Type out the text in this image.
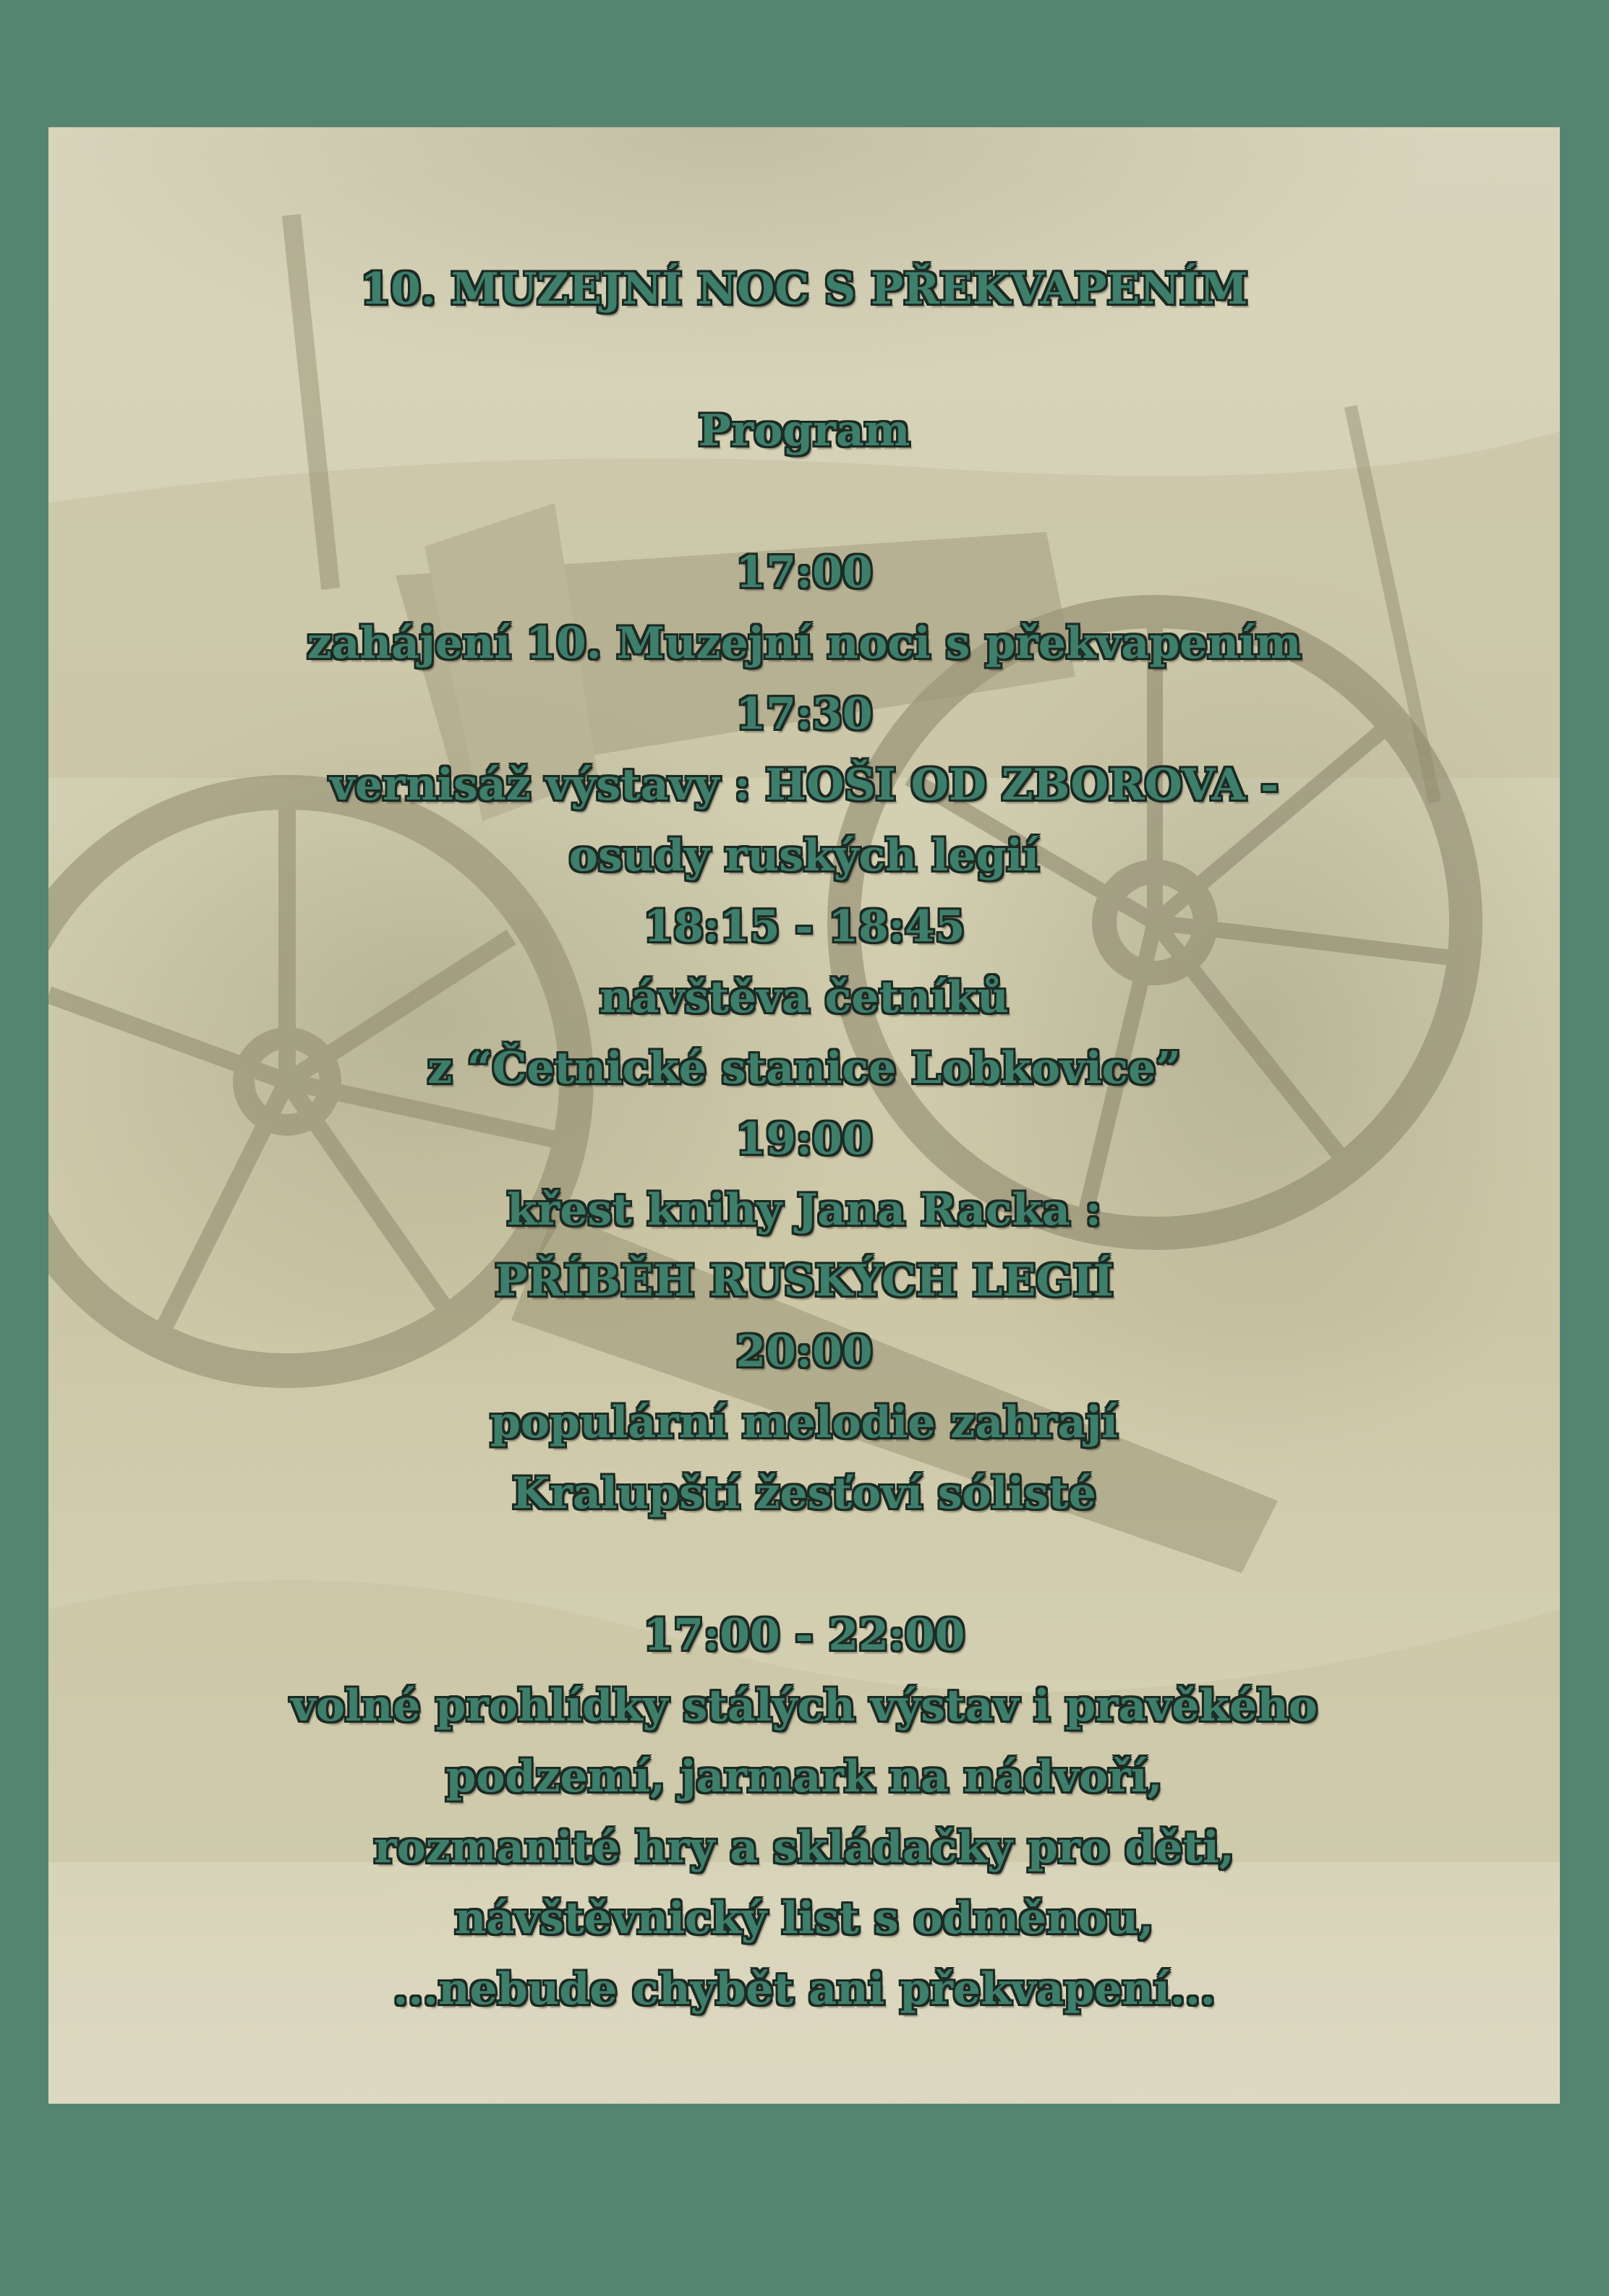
10. MUZEJNÍ NOC S PŘEKVAPENÍM
Program
17:00
zahájení 10. Muzejní noci s překvapením
17:30
vernisáž výstavy : HOŠI OD ZBOROVA -
osudy ruských legií
18:15 - 18:45
návštěva četníků
z “Četnické stanice Lobkovice”
19:00
křest knihy Jana Racka :
PŘÍBĚH RUSKÝCH LEGIÍ
20:00
populární melodie zahrají
Kralupští žesťoví sólisté
17:00 - 22:00
volné prohlídky stálých výstav i pravěkého
podzemí, jarmark na nádvoří,
rozmanité hry a skládačky pro děti,
návštěvnický list s odměnou,
...nebude chybět ani překvapení...
